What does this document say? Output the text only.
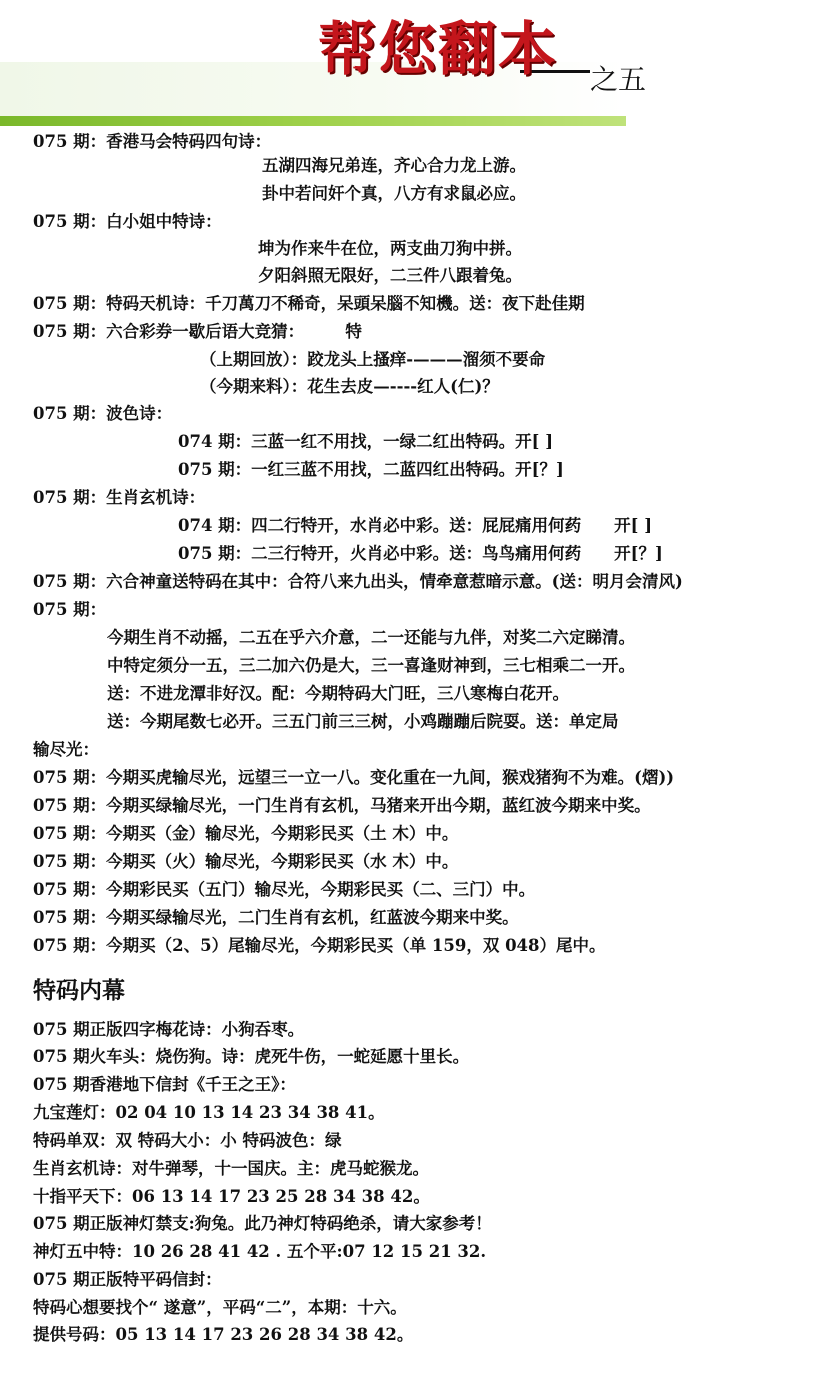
帮您翻本 之五
075 期：香港马会特码四句诗：
五湖四海兄弟连，齐心合力龙上游。
卦中若问奸个真，八方有求鼠必应。
075 期：白小姐中特诗：
坤为作来牛在位，两支曲刀狗中拼。
夕阳斜照无限好，二三件八跟着兔。
075 期：特码天机诗：千刀萬刀不稀奇，呆頭呆腦不知機。送：夜下赴佳期
075 期：六合彩券一歇后语大竞猜：　　　特
（上期回放）：跤龙头上搔痒-———溜须不要命
（今期来料）：花生去皮—----红人(仁)？
075 期：波色诗：
074 期：三蓝一红不用找，一绿二红出特码。开[ ]
075 期：一红三蓝不用找，二蓝四红出特码。开[？]
075 期：生肖玄机诗：
074 期：四二行特开，水肖必中彩。送：屁屁痛用何药　　开[ ]
075 期：二三行特开，火肖必中彩。送：鸟鸟痛用何药　　开[？]
075 期：六合神童送特码在其中：合符八来九出头，情牵意惹暗示意。(送：明月会清风)
075 期：
今期生肖不动摇，二五在乎六介意，二一还能与九伴，对奖二六定睇清。
中特定须分一五，三二加六仍是大，三一喜逢财神到，三七相乘二一开。
送：不进龙潭非好汉。配：今期特码大门旺，三八寒梅白花开。
送：今期尾数七必开。三五门前三三树，小鸡蹦蹦后院耍。送：单定局
输尽光：
075 期：今期买虎输尽光，远望三一立一八。变化重在一九间，猴戏猪狗不为难。(熠))
075 期：今期买绿输尽光，一门生肖有玄机，马猪来开出今期，蓝红波今期来中奖。
075 期：今期买（金）输尽光，今期彩民买（土 木）中。
075 期：今期买（火）输尽光，今期彩民买（水 木）中。
075 期：今期彩民买（五门）输尽光，今期彩民买（二、三门）中。
075 期：今期买绿输尽光，二门生肖有玄机，红蓝波今期来中奖。
075 期：今期买（2、5）尾输尽光，今期彩民买（单 159，双 048）尾中。
特码内幕
075 期正版四字梅花诗：小狗吞枣。
075 期火车头：烧伤狗。诗：虎死牛伤，一蛇延愿十里长。
075 期香港地下信封《千王之王》：
九宝莲灯：02 04 10 13 14 23 34 38 41。
特码单双：双 特码大小：小 特码波色：绿
生肖玄机诗：对牛弹琴，十一国庆。主：虎马蛇猴龙。
十指平天下：06 13 14 17 23 25 28 34 38 42。
075 期正版神灯禁支:狗兔。此乃神灯特码绝杀，请大家参考！
神灯五中特：10 26 28 41 42 . 五个平:07 12 15 21 32.
075 期正版特平码信封：
特码心想要找个“ 遂意”，平码“二”，本期：十六。
提供号码：05 13 14 17 23 26 28 34 38 42。
